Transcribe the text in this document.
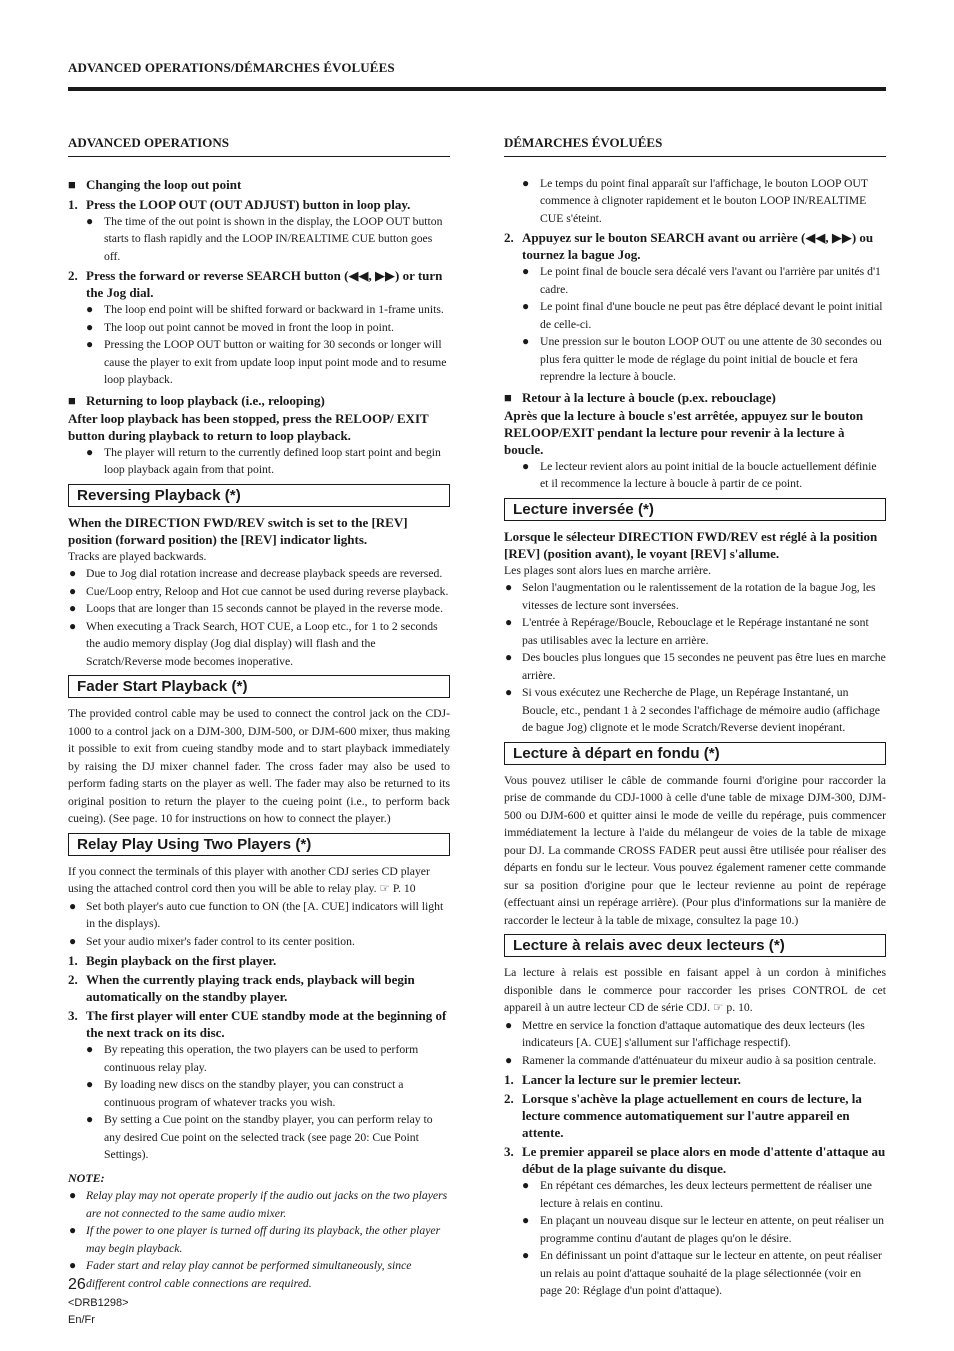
ADVANCED OPERATIONS/DÉMARCHES ÉVOLUÉES
ADVANCED OPERATIONS
■ Changing the loop out point
1. Press the LOOP OUT (OUT ADJUST) button in loop play.
● The time of the out point is shown in the display, the LOOP OUT button starts to flash rapidly and the LOOP IN/REALTIME CUE button goes off.
2. Press the forward or reverse SEARCH button (◀◀, ▶▶) or turn the Jog dial.
● The loop end point will be shifted forward or backward in 1-frame units.
● The loop out point cannot be moved in front the loop in point.
● Pressing the LOOP OUT button or waiting for 30 seconds or longer will cause the player to exit from update loop input point mode and to resume loop playback.
■ Returning to loop playback (i.e., relooping)
After loop playback has been stopped, press the RELOOP/ EXIT button during playback to return to loop playback.
● The player will return to the currently defined loop start point and begin loop playback again from that point.
Reversing Playback (*)
When the DIRECTION FWD/REV switch is set to the [REV] position (forward position) the [REV] indicator lights.
Tracks are played backwards.
● Due to Jog dial rotation increase and decrease playback speeds are reversed.
● Cue/Loop entry, Reloop and Hot cue cannot be used during reverse playback.
● Loops that are longer than 15 seconds cannot be played in the reverse mode.
● When executing a Track Search, HOT CUE, a Loop etc., for 1 to 2 seconds the audio memory display (Jog dial display) will flash and the Scratch/Reverse mode becomes inoperative.
Fader Start Playback (*)
The provided control cable may be used to connect the control jack on the CDJ-1000 to a control jack on a DJM-300, DJM-500, or DJM-600 mixer, thus making it possible to exit from cueing standby mode and to start playback immediately by raising the DJ mixer channel fader. The cross fader may also be used to perform fading starts on the player as well. The fader may also be returned to its original position to return the player to the cueing point (i.e., to perform back cueing). (See page. 10 for instructions on how to connect the player.)
Relay Play Using Two Players (*)
If you connect the terminals of this player with another CDJ series CD player using the attached control cord then you will be able to relay play. ☞ P. 10
● Set both player's auto cue function to ON (the [A. CUE] indicators will light in the displays).
● Set your audio mixer's fader control to its center position.
1. Begin playback on the first player.
2. When the currently playing track ends, playback will begin automatically on the standby player.
3. The first player will enter CUE standby mode at the beginning of the next track on its disc.
● By repeating this operation, the two players can be used to perform continuous relay play.
● By loading new discs on the standby player, you can construct a continuous program of whatever tracks you wish.
● By setting a Cue point on the standby player, you can perform relay to any desired Cue point on the selected track (see page 20: Cue Point Settings).
NOTE:
● Relay play may not operate properly if the audio out jacks on the two players are not connected to the same audio mixer.
● If the power to one player is turned off during its playback, the other player may begin playback.
● Fader start and relay play cannot be performed simultaneously, since different control cable connections are required.
DÉMARCHES ÉVOLUÉES
● Le temps du point final apparaît sur l'affichage, le bouton LOOP OUT commence à clignoter rapidement et le bouton LOOP IN/REALTIME CUE s'éteint.
2. Appuyez sur le bouton SEARCH avant ou arrière (◀◀, ▶▶) ou tournez la bague Jog.
● Le point final de boucle sera décalé vers l'avant ou l'arrière par unités d'1 cadre.
● Le point final d'une boucle ne peut pas être déplacé devant le point initial de celle-ci.
● Une pression sur le bouton LOOP OUT ou une attente de 30 secondes ou plus fera quitter le mode de réglage du point initial de boucle et fera reprendre la lecture à boucle.
■ Retour à la lecture à boucle (p.ex. rebouclage)
Après que la lecture à boucle s'est arrêtée, appuyez sur le bouton RELOOP/EXIT pendant la lecture pour revenir à la lecture à boucle.
● Le lecteur revient alors au point initial de la boucle actuellement définie et il recommence la lecture à boucle à partir de ce point.
Lecture inversée (*)
Lorsque le sélecteur DIRECTION FWD/REV est réglé à la position [REV] (position avant), le voyant [REV] s'allume.
Les plages sont alors lues en marche arrière.
● Selon l'augmentation ou le ralentissement de la rotation de la bague Jog, les vitesses de lecture sont inversées.
● L'entrée à Repérage/Boucle, Rebouclage et le Repérage instantané ne sont pas utilisables avec la lecture en arrière.
● Des boucles plus longues que 15 secondes ne peuvent pas être lues en marche arrière.
● Si vous exécutez une Recherche de Plage, un Repérage Instantané, un Boucle, etc., pendant 1 à 2 secondes l'affichage de mémoire audio (affichage de bague Jog) clignote et le mode Scratch/Reverse devient inopérant.
Lecture à départ en fondu (*)
Vous pouvez utiliser le câble de commande fourni d'origine pour raccorder la prise de commande du CDJ-1000 à celle d'une table de mixage DJM-300, DJM-500 ou DJM-600 et quitter ainsi le mode de veille du repérage, puis commencer immédiatement la lecture à l'aide du mélangeur de voies de la table de mixage pour DJ. La commande CROSS FADER peut aussi être utilisée pour réaliser des départs en fondu sur le lecteur. Vous pouvez également ramener cette commande sur sa position d'origine pour que le lecteur revienne au point de repérage (effectuant ainsi un repérage arrière). (Pour plus d'informations sur la manière de raccorder le lecteur à la table de mixage, consultez la page 10.)
Lecture à relais avec deux lecteurs (*)
La lecture à relais est possible en faisant appel à un cordon à minifiches disponible dans le commerce pour raccorder les prises CONTROL de cet appareil à un autre lecteur CD de série CDJ. ☞ p. 10.
● Mettre en service la fonction d'attaque automatique des deux lecteurs (les indicateurs [A. CUE] s'allument sur l'affichage respectif).
● Ramener la commande d'atténuateur du mixeur audio à sa position centrale.
1. Lancer la lecture sur le premier lecteur.
2. Lorsque s'achève la plage actuellement en cours de lecture, la lecture commence automatiquement sur l'autre appareil en attente.
3. Le premier appareil se place alors en mode d'attente d'attaque au début de la plage suivante du disque.
● En répétant ces démarches, les deux lecteurs permettent de réaliser une lecture à relais en continu.
● En plaçant un nouveau disque sur le lecteur en attente, on peut réaliser un programme continu d'autant de plages qu'on le désire.
● En définissant un point d'attaque sur le lecteur en attente, on peut réaliser un relais au point d'attaque souhaité de la plage sélectionnée (voir en page 20: Réglage d'un point d'attaque).
26
<DRB1298>
En/Fr
